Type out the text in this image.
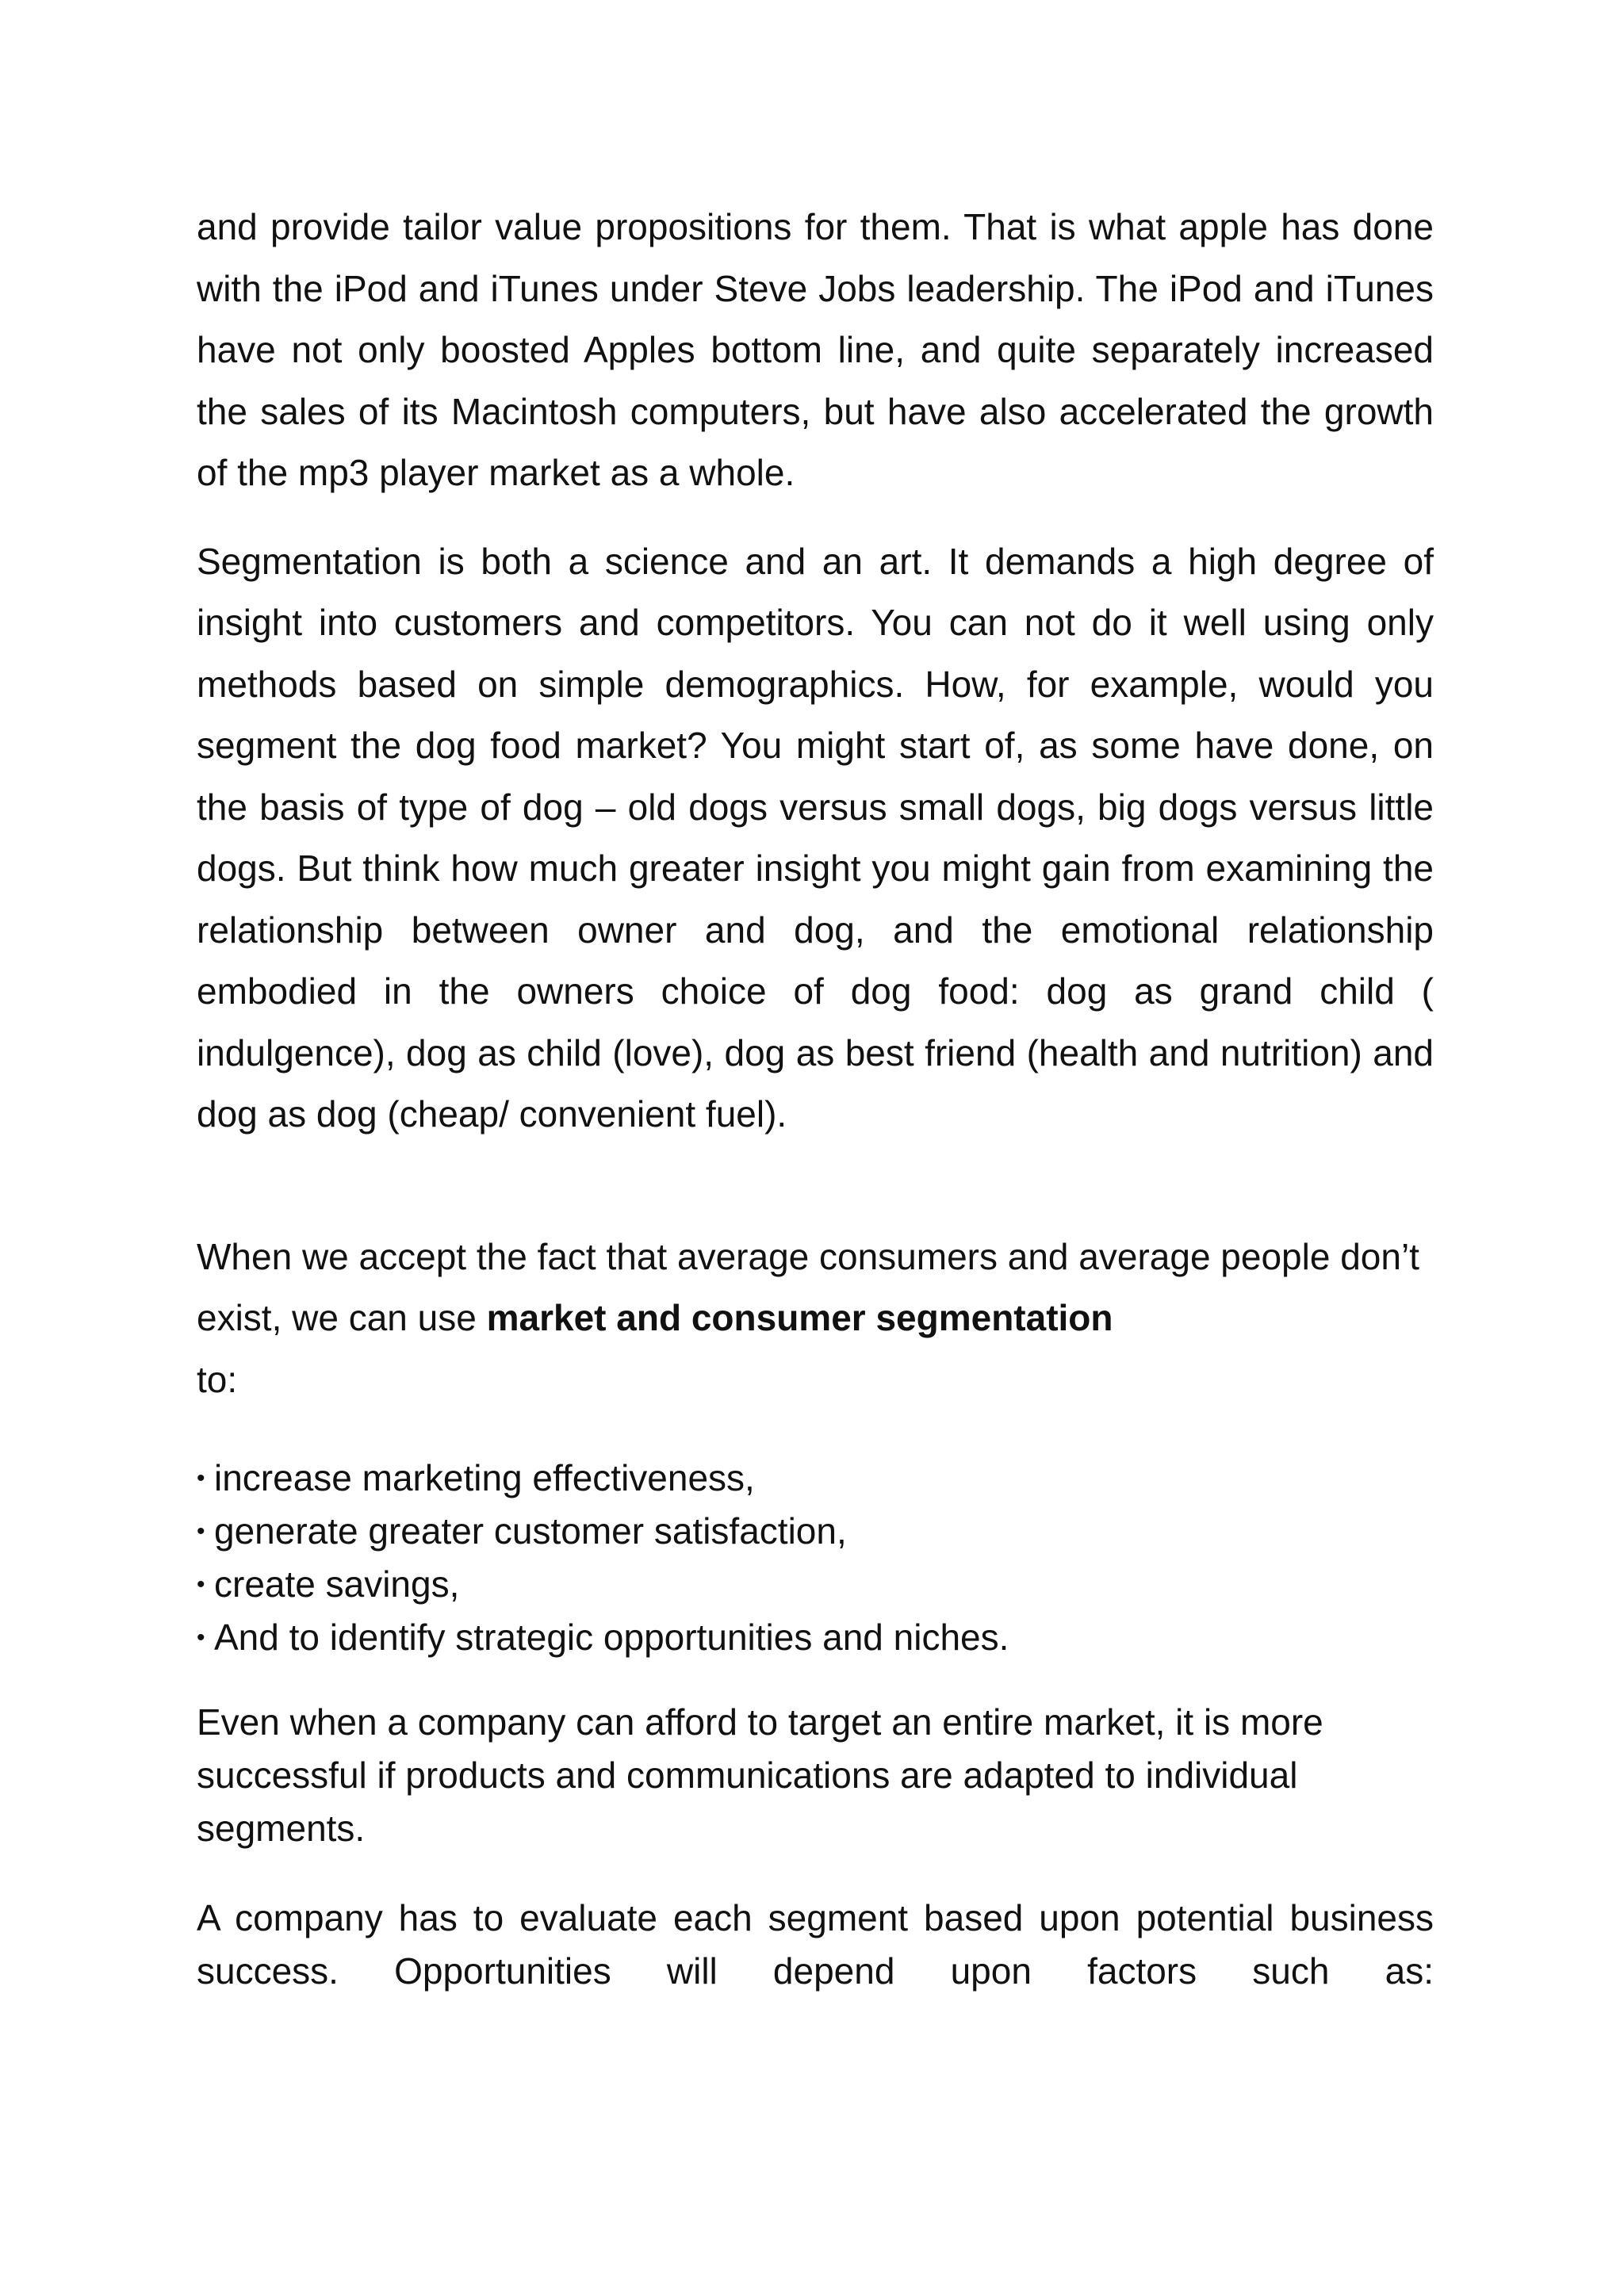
and provide tailor value propositions for them. That is what apple has done with the iPod and iTunes under Steve Jobs leadership. The iPod and iTunes have not only boosted Apples bottom line, and quite separately increased the sales of its Macintosh computers, but have also accelerated the growth of the mp3 player market as a whole.

Segmentation is both a science and an art. It demands a high degree of insight into customers and competitors. You can not do it well using only methods based on simple demographics. How, for example, would you segment the dog food market? You might start of, as some have done, on the basis of type of dog – old dogs versus small dogs, big dogs versus little dogs. But think how much greater insight you might gain from examining the relationship between owner and dog, and the emotional relationship embodied in the owners choice of dog food: dog as grand child ( indulgence), dog as child (love), dog as best friend (health and nutrition) and dog as dog (cheap/ convenient fuel).

When we accept the fact that average consumers and average people don’t exist, we can use market and consumer segmentation
to:

• increase marketing effectiveness,
• generate greater customer satisfaction,
• create savings,
• And to identify strategic opportunities and niches.

Even when a company can afford to target an entire market, it is more successful if products and communications are adapted to individual segments.

A company has to evaluate each segment based upon potential business success. Opportunities will depend upon factors such as:
